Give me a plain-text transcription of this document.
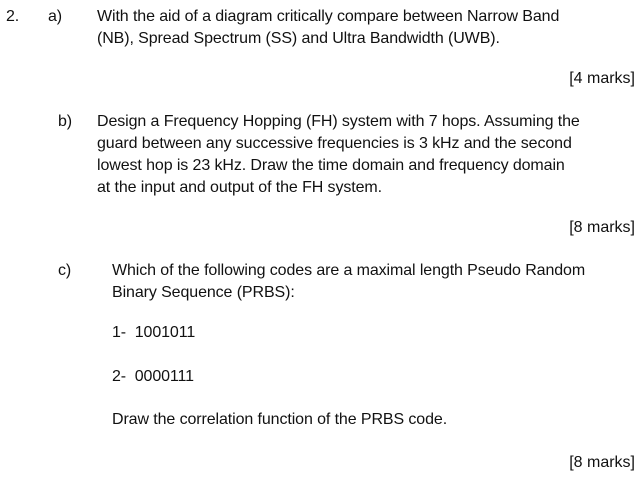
2. a) With the aid of a diagram critically compare between Narrow Band
(NB), Spread Spectrum (SS) and Ultra Bandwidth (UWB).
[4 marks]
b) Design a Frequency Hopping (FH) system with 7 hops. Assuming the
guard between any successive frequencies is 3 kHz and the second
lowest hop is 23 kHz. Draw the time domain and frequency domain
at the input and output of the FH system.
[8 marks]
c)	Which of the following codes are a maximal length Pseudo Random
Binary Sequence (PRBS):
1-  1001011
2-  0000111
Draw the correlation function of the PRBS code.
[8 marks]
